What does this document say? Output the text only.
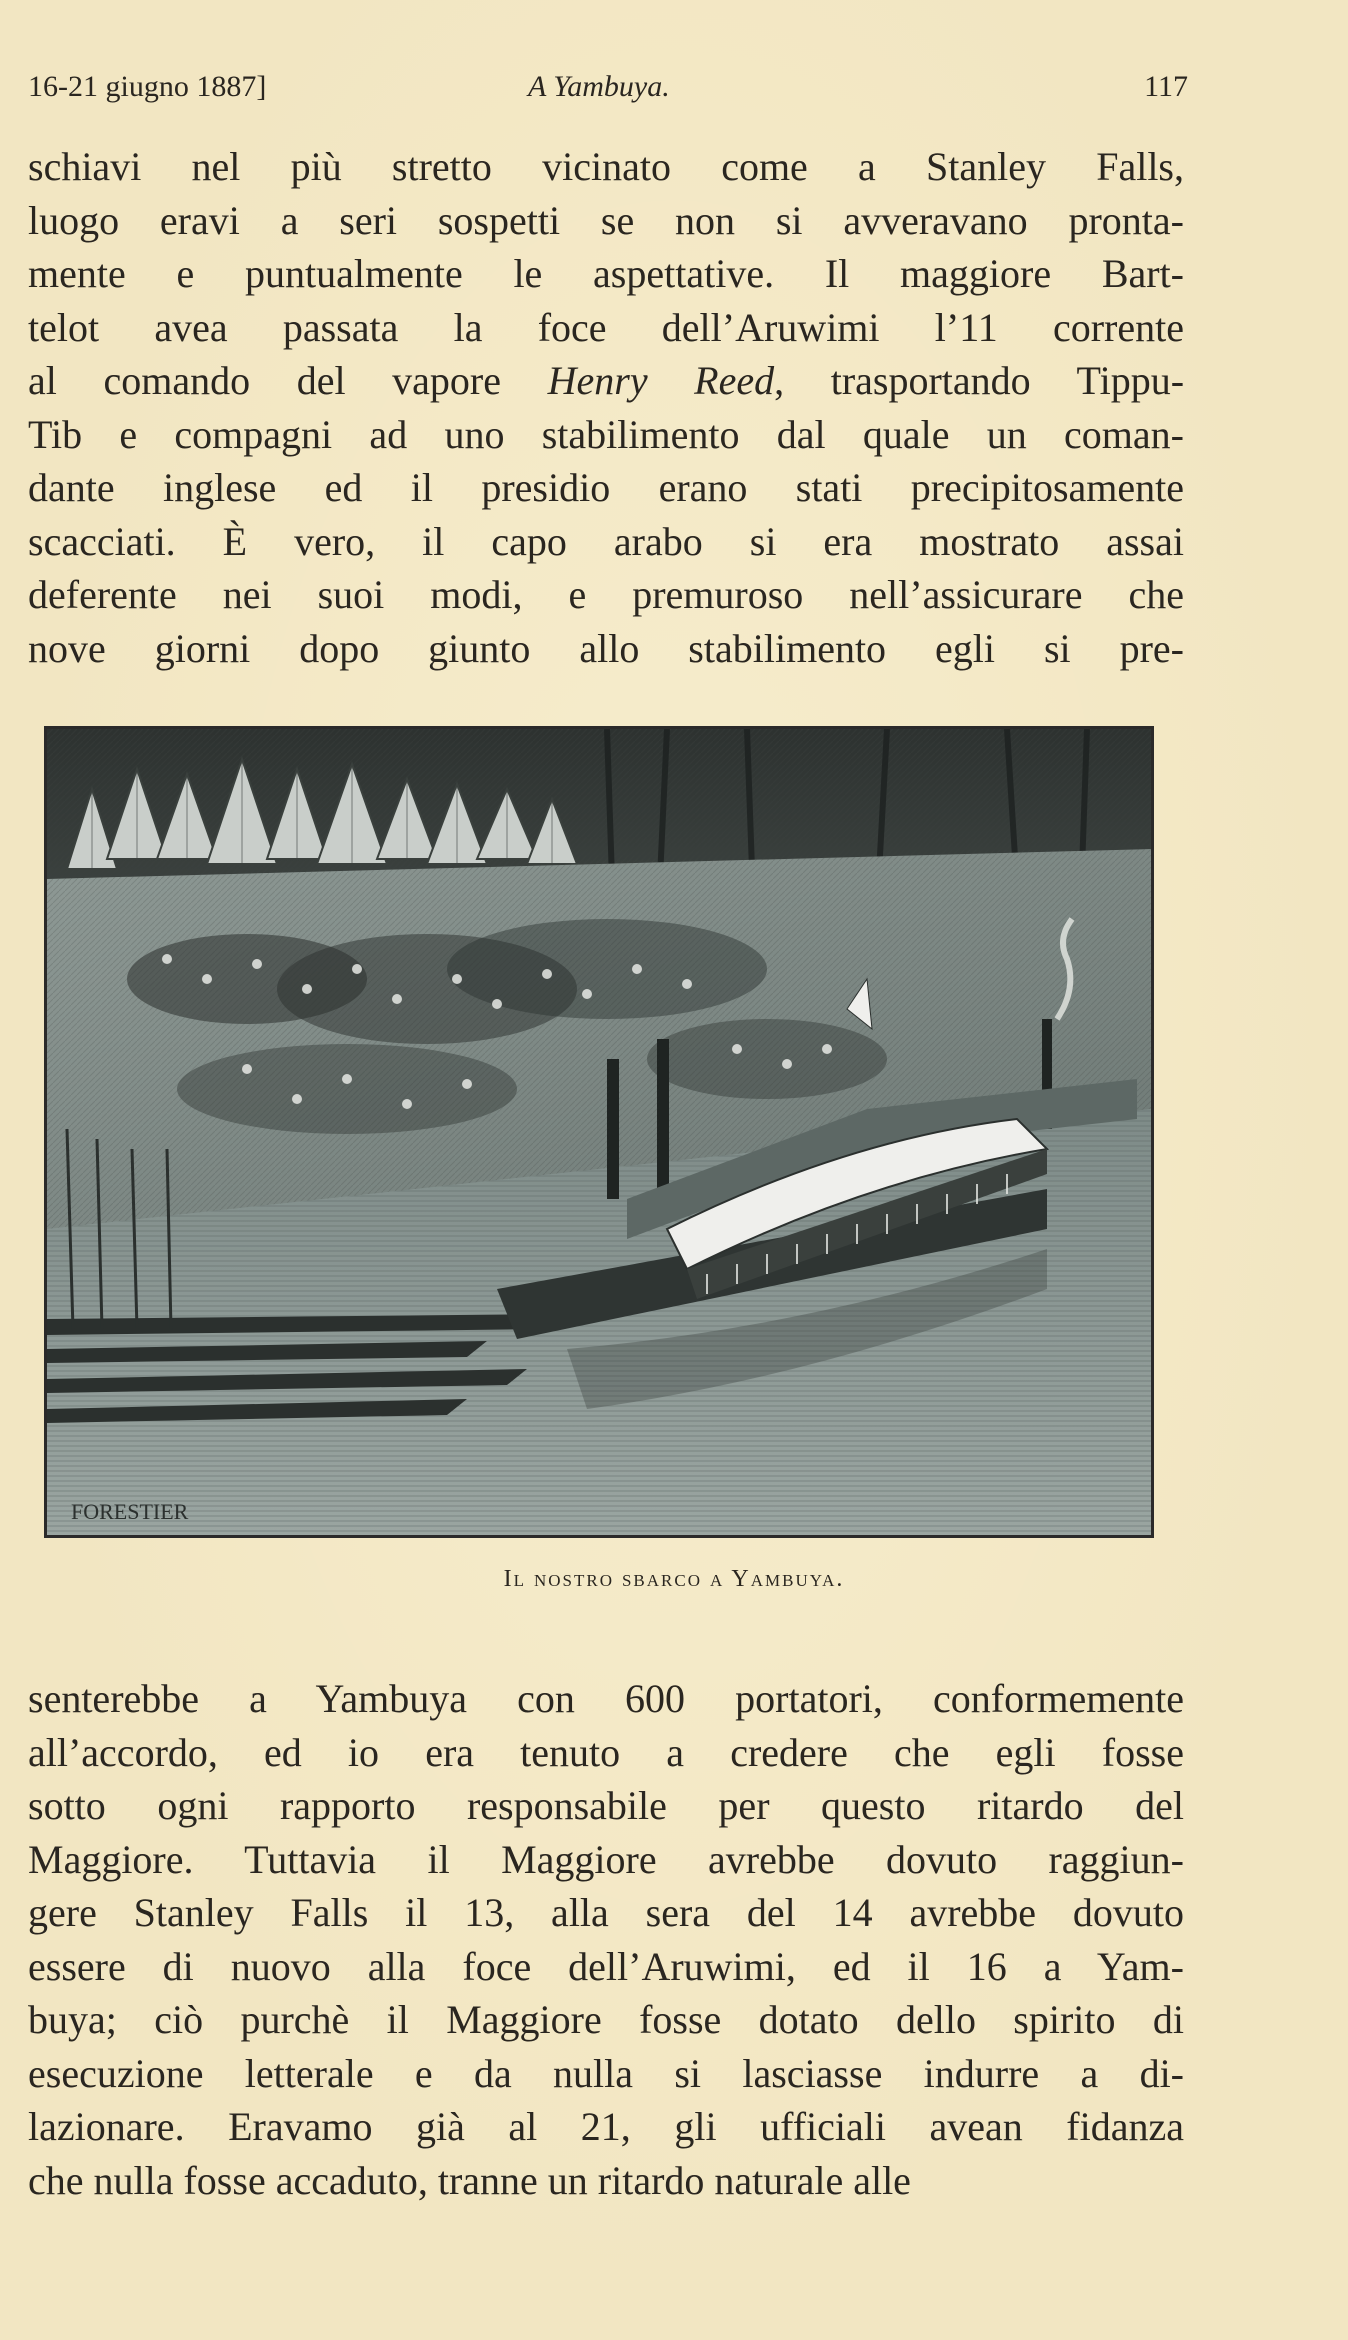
16-21 giugno 1887]	A Yambuya.	117
schiavi nel più stretto vicinato come a Stanley Falls,
luogo eravi a seri sospetti se non si avveravano pronta-
mente e puntualmente le aspettative. Il maggiore Bart-
telot avea passata la foce dell’Aruwimi l’11 corrente
al comando del vapore Henry Reed, trasportando Tippu-
Tib e compagni ad uno stabilimento dal quale un coman-
dante inglese ed il presidio erano stati precipitosamente
scacciati. È vero, il capo arabo si era mostrato assai
deferente nei suoi modi, e premuroso nell’assicurare che
nove giorni dopo giunto allo stabilimento egli si pre-
FORESTIER
Il nostro sbarco a Yambuya.
senterebbe a Yambuya con 600 portatori, conformemente
all’accordo, ed io era tenuto a credere che egli fosse
sotto ogni rapporto responsabile per questo ritardo del
Maggiore. Tuttavia il Maggiore avrebbe dovuto raggiun-
gere Stanley Falls il 13, alla sera del 14 avrebbe dovuto
essere di nuovo alla foce dell’Aruwimi, ed il 16 a Yam-
buya; ciò purchè il Maggiore fosse dotato dello spirito di
esecuzione letterale e da nulla si lasciasse indurre a di-
lazionare. Eravamo già al 21, gli ufficiali avean fidanza
che nulla fosse accaduto, tranne un ritardo naturale alle
